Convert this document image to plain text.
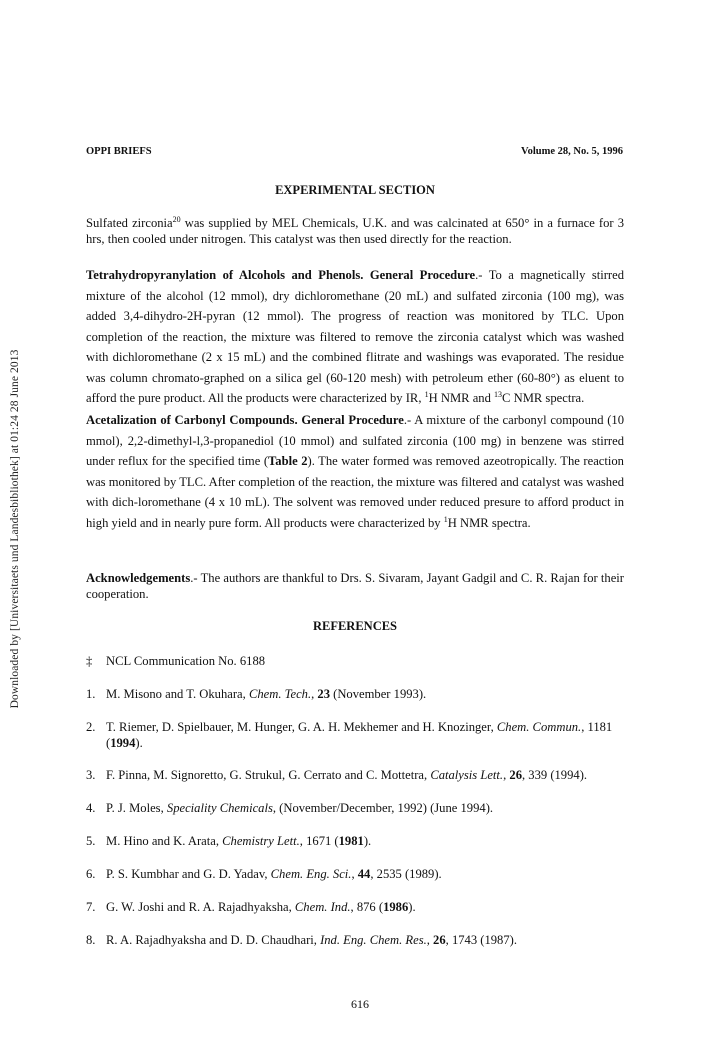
Downloaded by [Universitaets und Landesbibliothek] at 01:24 28 June 2013
OPPI BRIEFS	Volume 28, No. 5, 1996
EXPERIMENTAL SECTION

Sulfated zirconia$^{20}$ was supplied by MEL Chemicals, U.K. and was calcinated at 650° in a furnace for 3 hrs, then cooled under nitrogen. This catalyst was then used directly for the reaction.

Tetrahydropyranylation of Alcohols and Phenols. General Procedure.- To a magnetically stirred mixture of the alcohol (12 mmol), dry dichloromethane (20 mL) and sulfated zirconia (100 mg), was added 3,4-dihydro-2H-pyran (12 mmol). The progress of reaction was monitored by TLC. Upon completion of the reaction, the mixture was filtered to remove the zirconia catalyst which was washed with dichloromethane (2 x 15 mL) and the combined flitrate and washings was evaporated. The residue was column chromato-graphed on a silica gel (60-120 mesh) with petroleum ether (60-80°) as eluent to afford the pure product. All the products were characterized by IR, $^1$H NMR and $^{13}$C NMR spectra.

Acetalization of Carbonyl Compounds. General Procedure.- A mixture of the carbonyl compound (10 mmol), 2,2-dimethyl-l,3-propanediol (10 mmol) and sulfated zirconia (100 mg) in benzene was stirred under reflux for the specified time (Table 2). The water formed was removed azeotropically. The reaction was monitored by TLC. After completion of the reaction, the mixture was filtered and catalyst was washed with dich-loromethane (4 x 10 mL). The solvent was removed under reduced presure to afford product in high yield and in nearly pure form. All products were characterized by $^1$H NMR spectra.

Acknowledgements.- The authors are thankful to Drs. S. Sivaram, Jayant Gadgil and C. R. Rajan for their cooperation.

REFERENCES
‡	NCL Communication No. 6188
1. M. Misono and T. Okuhara, Chem. Tech., 23 (November 1993).
2. T. Riemer, D. Spielbauer, M. Hunger, G. A. H. Mekhemer and H. Knozinger, Chem. Commun., 1181 (1994).
3. F. Pinna, M. Signoretto, G. Strukul, G. Cerrato and C. Mottetra, Catalysis Lett., 26, 339 (1994).
4. P. J. Moles, Speciality Chemicals, (November/December, 1992) (June 1994).
5. M. Hino and K. Arata, Chemistry Lett., 1671 (1981).
6. P. S. Kumbhar and G. D. Yadav, Chem. Eng. Sci., 44, 2535 (1989).
7. G. W. Joshi and R. A. Rajadhyaksha, Chem. Ind., 876 (1986).
8. R. A. Rajadhyaksha and D. D. Chaudhari, Ind. Eng. Chem. Res., 26, 1743 (1987).
616
